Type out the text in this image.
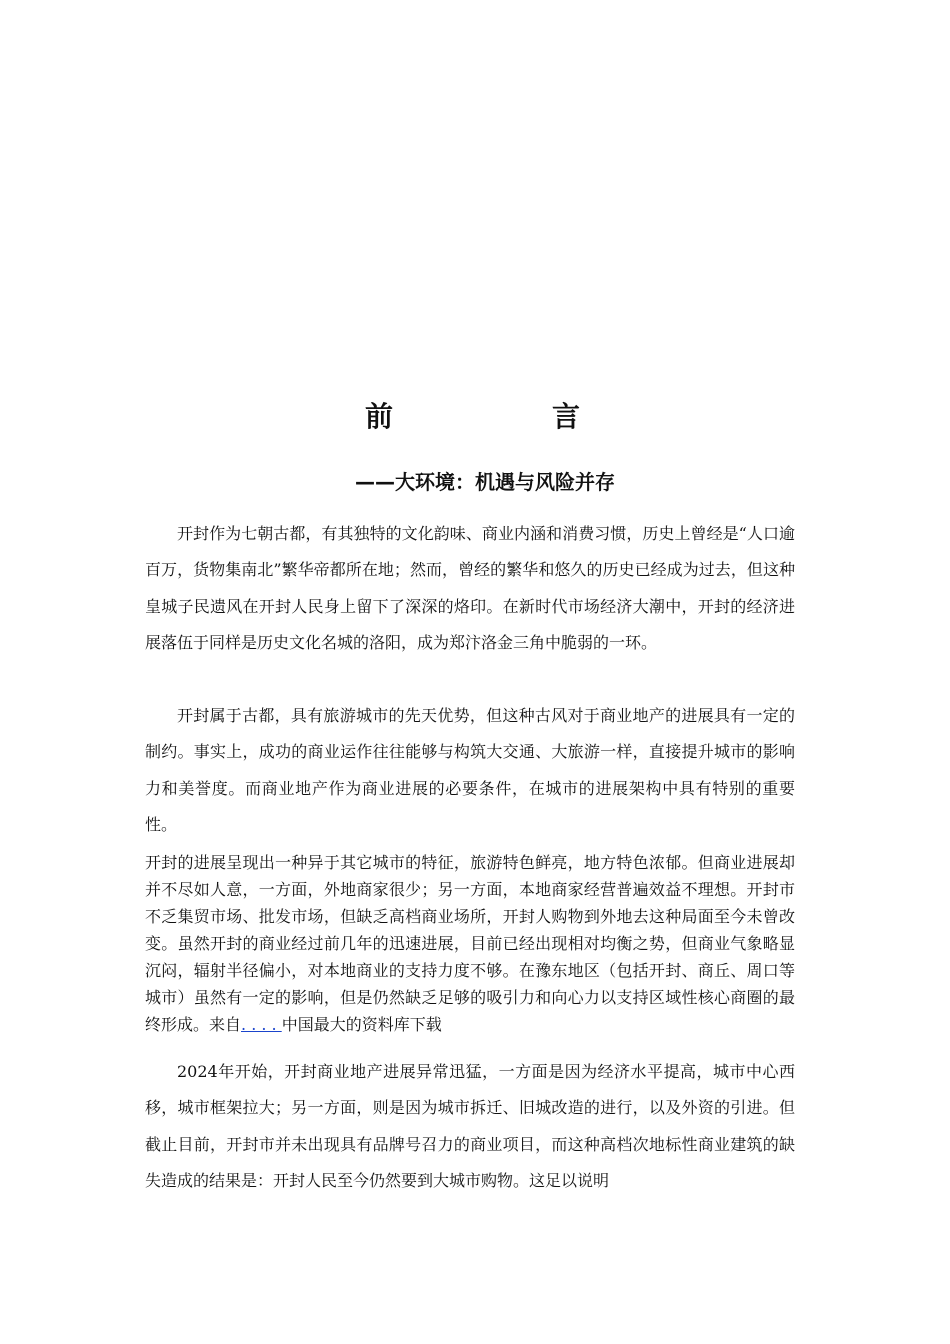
前	言
——大环境：机遇与风险并存

开封作为七朝古都，有其独特的文化韵味、商业内涵和消费习惯，历史上曾经是“人口逾百万，货物集南北”繁华帝都所在地；然而，曾经的繁华和悠久的历史已经成为过去，但这种皇城子民遗风在开封人民身上留下了深深的烙印。在新时代市场经济大潮中，开封的经济进展落伍于同样是历史文化名城的洛阳，成为郑汴洛金三角中脆弱的一环。

开封属于古都，具有旅游城市的先天优势，但这种古风对于商业地产的进展具有一定的制约。事实上，成功的商业运作往往能够与构筑大交通、大旅游一样，直接提升城市的影响力和美誉度。而商业地产作为商业进展的必要条件，在城市的进展架构中具有特别的重要性。

开封的进展呈现出一种异于其它城市的特征，旅游特色鲜亮，地方特色浓郁。但商业进展却并不尽如人意，一方面，外地商家很少；另一方面，本地商家经营普遍效益不理想。开封市不乏集贸市场、批发市场，但缺乏高档商业场所，开封人购物到外地去这种局面至今未曾改变。虽然开封的商业经过前几年的迅速进展，目前已经出现相对均衡之势，但商业气象略显沉闷，辐射半径偏小，对本地商业的支持力度不够。在豫东地区（包括开封、商丘、周口等城市）虽然有一定的影响，但是仍然缺乏足够的吸引力和向心力以支持区域性核心商圈的最终形成。来自. . . . 中国最大的资料库下载

2024年开始，开封商业地产进展异常迅猛，一方面是因为经济水平提高，城市中心西移，城市框架拉大；另一方面，则是因为城市拆迁、旧城改造的进行，以及外资的引进。但截止目前，开封市并未出现具有品牌号召力的商业项目，而这种高档次地标性商业建筑的缺失造成的结果是：开封人民至今仍然要到大城市购物。这足以说明
